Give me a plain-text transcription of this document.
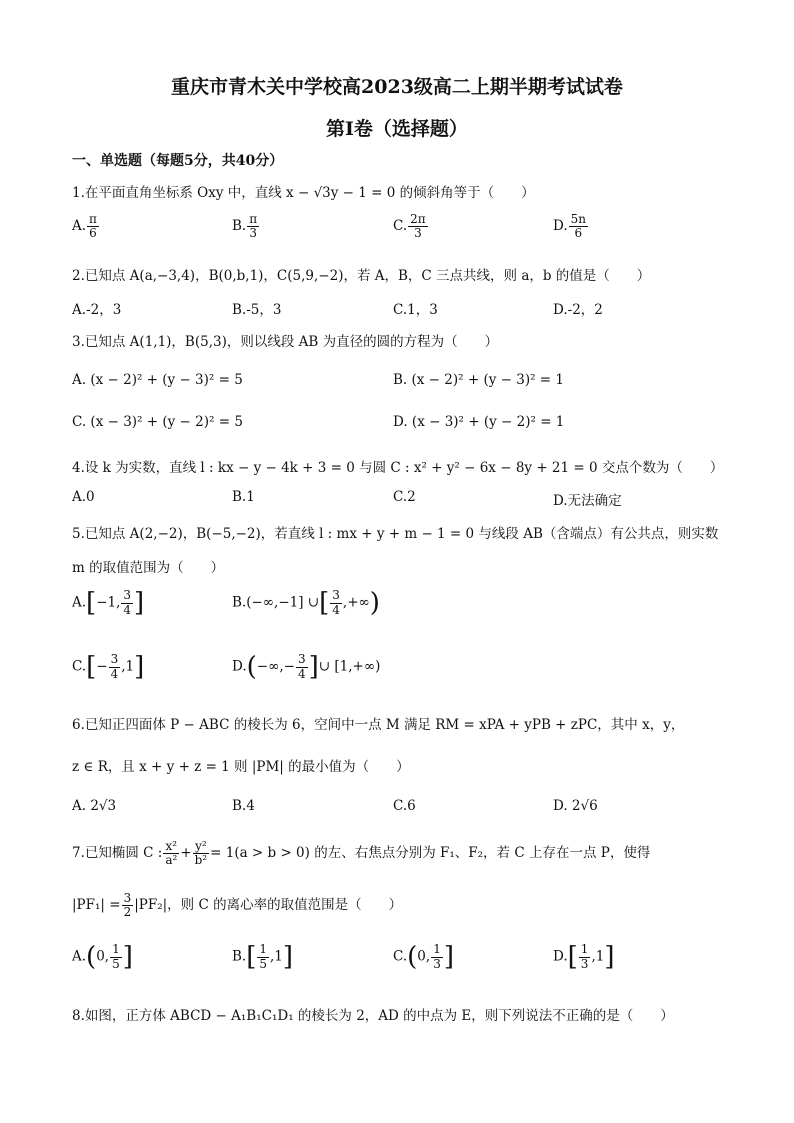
重庆市青木关中学校高2023级高二上期半期考试试卷
第I卷（选择题）
一、单选题（每题5分，共40分）
1.在平面直角坐标系 Oxy 中，直线 x − √3y − 1 = 0 的倾斜角等于（　　）
A. $\frac{\pi}{6}$	B. $\frac{\pi}{3}$	C. $\frac{2\pi}{3}$	D. $\frac{5n}{6}$
2.已知点 A(a,−3,4)，B(0,b,1)，C(5,9,−2)，若 A，B，C 三点共线，则 a，b 的值是（　　）
A.-2，3	B.-5，3	C.1，3	D.-2，2
3.已知点 A(1,1)，B(5,3)，则以线段 AB 为直径的圆的方程为（　　）
A. (x − 2)² + (y − 3)² = 5	B. (x − 2)² + (y − 3)² = 1
C. (x − 3)² + (y − 2)² = 5	D. (x − 3)² + (y − 2)² = 1
4.设 k 为实数，直线 l : kx − y − 4k + 3 = 0 与圆 C : x² + y² − 6x − 8y + 21 = 0 交点个数为（　　）
A.0	B.1	C.2	D.无法确定
5.已知点 A(2,−2)，B(−5,−2)，若直线 l : mx + y + m − 1 = 0 与线段 AB（含端点）有公共点，则实数
m 的取值范围为（　　）
A.[−1, $\frac{3}{4}$ ]	B.(−∞,−1] ∪[ $\frac{3}{4}$ ,+∞)
$C.[- \frac{3}{4} ,1]$	$D.(-\infty,- \frac{3}{4}$ ]∪ [1,+∞)
6.已知正四面体 P − ABC 的棱长为 6，空间中一点 M 满足 RM = xPA + yPB + zPC，其中 x，y，
z ∈ R，且 x + y + z = 1 则 |PM| 的最小值为（　　）
A. 2√3	B.4	C.6	D. 2√6
7.已知椭圆 C : $\frac{\text{x²}}{\text{a²}} + \frac{\text{y²}}{\text{b²}} = 1(a > b > 0)$ 的左、右焦点分别为 F₁、F₂，若 C 上存在一点 P，使得
$|PF_1| = \frac{3}{2} |PF_2|$，则 C 的离心率的取值范围是（　　）
A.(0, $\frac{1}{5}$ ]	$B.[ \frac{1}{5} ,1]$	C.(0, $\frac{1}{3}$ ]	$D.[ \frac{1}{3} ,1]$
8.如图，正方体 ABCD − A₁B₁C₁D₁ 的棱长为 2，AD 的中点为 E，则下列说法不正确的是（　　）
